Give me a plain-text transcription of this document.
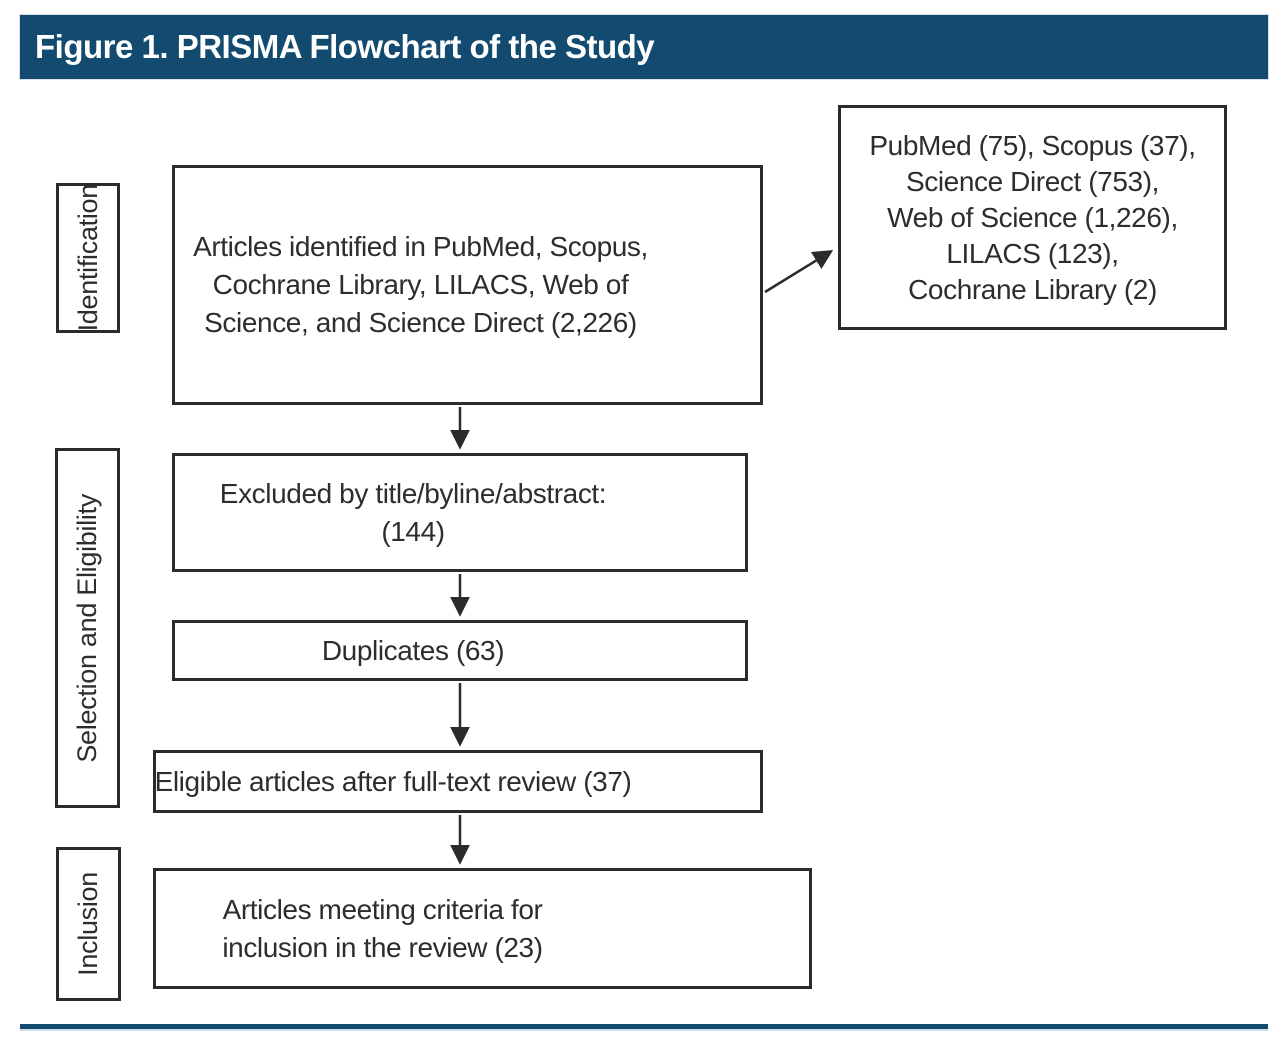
Figure 1. PRISMA Flowchart of the Study
Identification
Selection and Eligibility
Inclusion
Articles identified in PubMed, Scopus,
Cochrane Library, LILACS, Web of
Science, and Science Direct (2,226)
PubMed (75), Scopus (37),
Science Direct (753),
Web of Science (1,226),
LILACS (123),
Cochrane Library (2)
Excluded by title/byline/abstract:
(144)
Duplicates (63)
Eligible articles after full-text review (37)
Articles meeting criteria for
inclusion in the review (23)
